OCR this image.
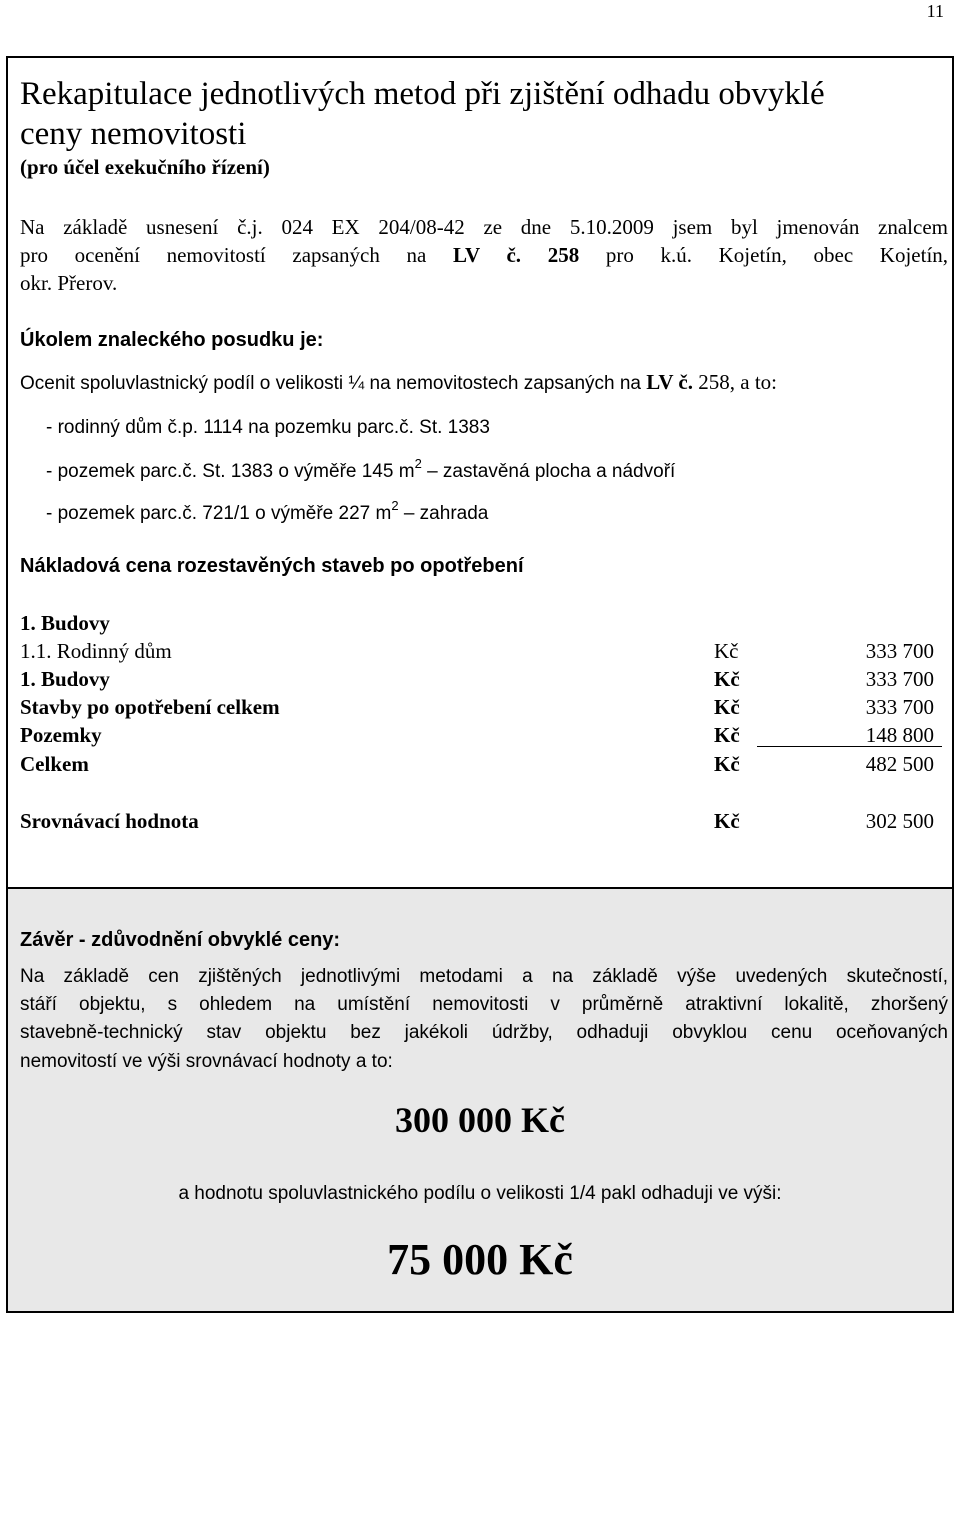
11
Rekapitulace jednotlivých metod při zjištění odhadu obvyklé
ceny nemovitosti
(pro účel exekučního řízení)
Na základě usnesení č.j. 024 EX 204/08-42 ze dne 5.10.2009 jsem byl jmenován znalcem
pro ocenění nemovitostí zapsaných na LV č. 258 pro k.ú. Kojetín, obec Kojetín,
okr. Přerov.
Úkolem znaleckého posudku je:
Ocenit spoluvlastnický podíl o velikosti ¼ na nemovitostech zapsaných na LV č. 258, a to:
- rodinný dům č.p. 1114 na pozemku parc.č. St. 1383
- pozemek parc.č. St. 1383 o výměře 145 $m^2$ – zastavěná plocha a nádvoří
- pozemek parc.č. 721/1 o výměře 227 $m^2$ – zahrada
Nákladová cena rozestavěných staveb po opotřebení
1. Budovy
1.1. Rodinný dům	Kč	333 700
1. Budovy	Kč	333 700
Stavby po opotřebení celkem	Kč	333 700
Pozemky	Kč	148 800
Celkem	Kč	482 500
Srovnávací hodnota	Kč	302 500
Závěr - zdůvodnění obvyklé ceny:
Na základě cen zjištěných jednotlivými metodami a na základě výše uvedených skutečností,
stáří objektu, s ohledem na umístění nemovitosti v průměrně atraktivní lokalitě, zhoršený
stavebně-technický stav objektu bez jakékoli údržby, odhaduji obvyklou cenu oceňovaných
nemovitostí ve výši srovnávací hodnoty a to:
300 000 Kč
a hodnotu spoluvlastnického podílu o velikosti 1/4 pakl odhaduji ve výši:
75 000 Kč
